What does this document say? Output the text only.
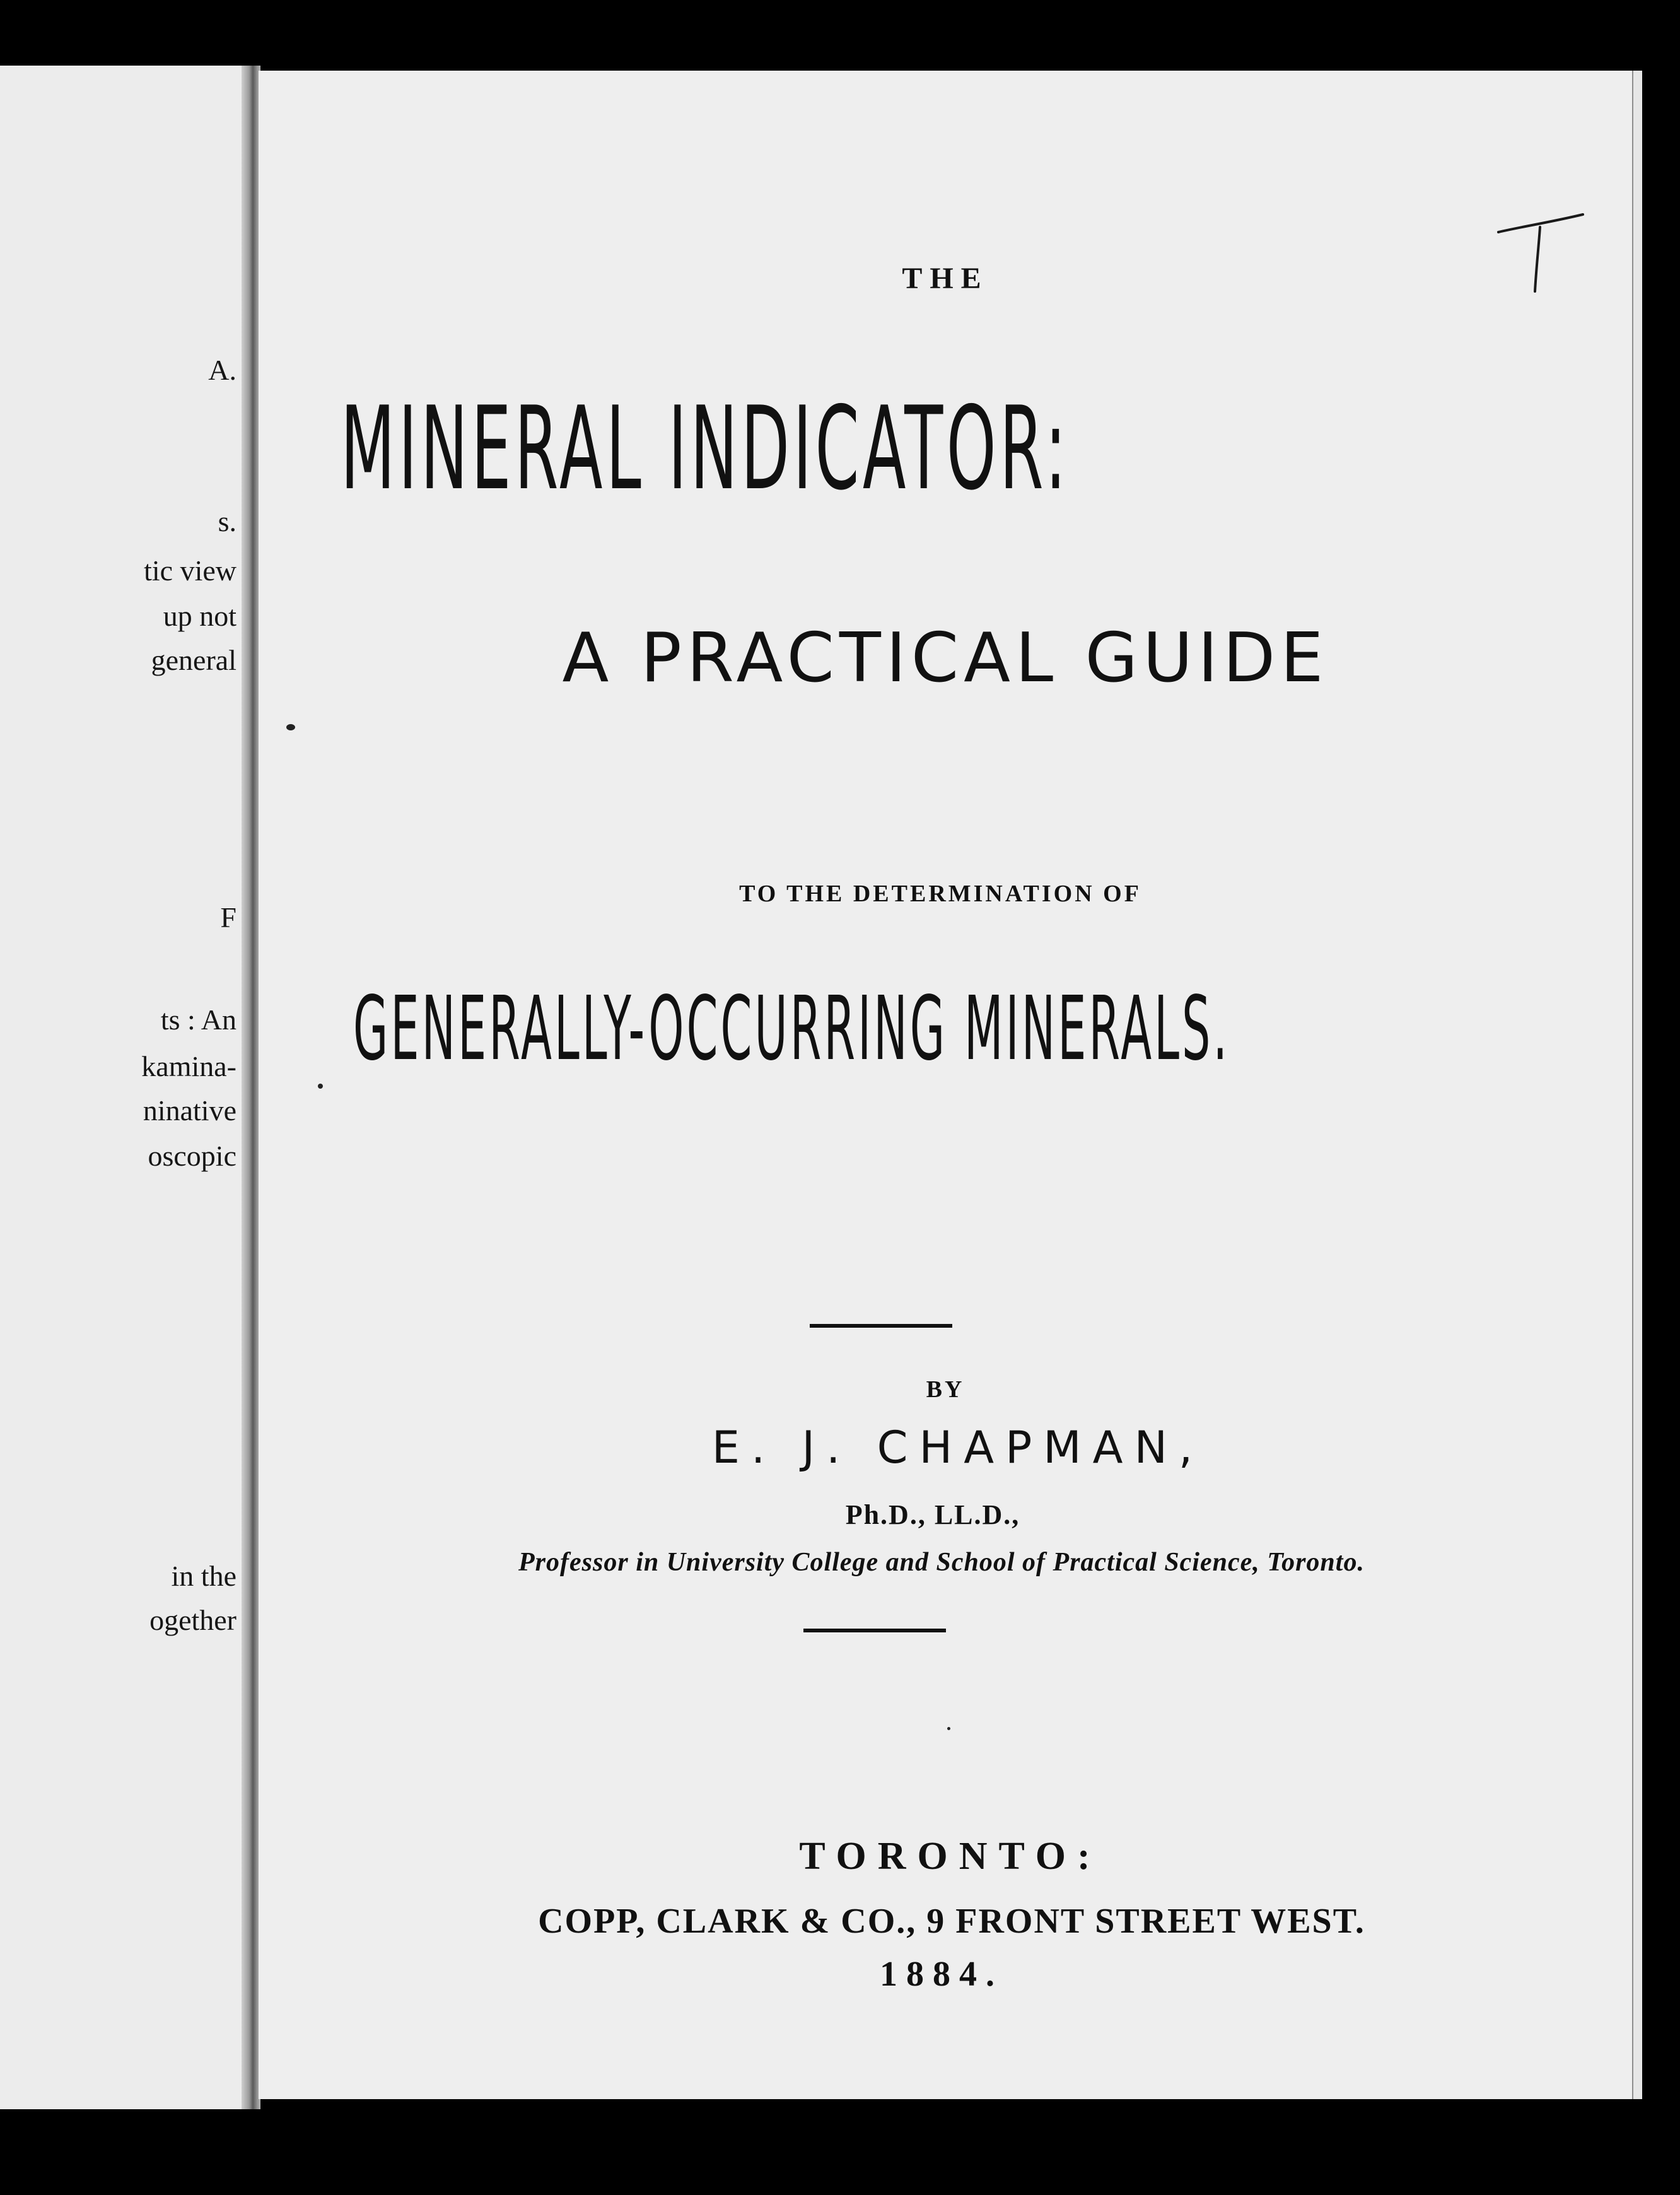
A.
s.
tic view
up not
general
F
ts : An
kamina-
ninative
oscopic
in the
ogether
THE
MINERAL INDICATOR:
A PRACTICAL GUIDE
TO THE DETERMINATION OF
GENERALLY-OCCURRING MINERALS.
BY
E. J. CHAPMAN,
Ph.D., LL.D.,
Professor in University College and School of Practical Science, Toronto.
TORONTO:
COPP, CLARK & CO., 9 FRONT STREET WEST.
1884.
